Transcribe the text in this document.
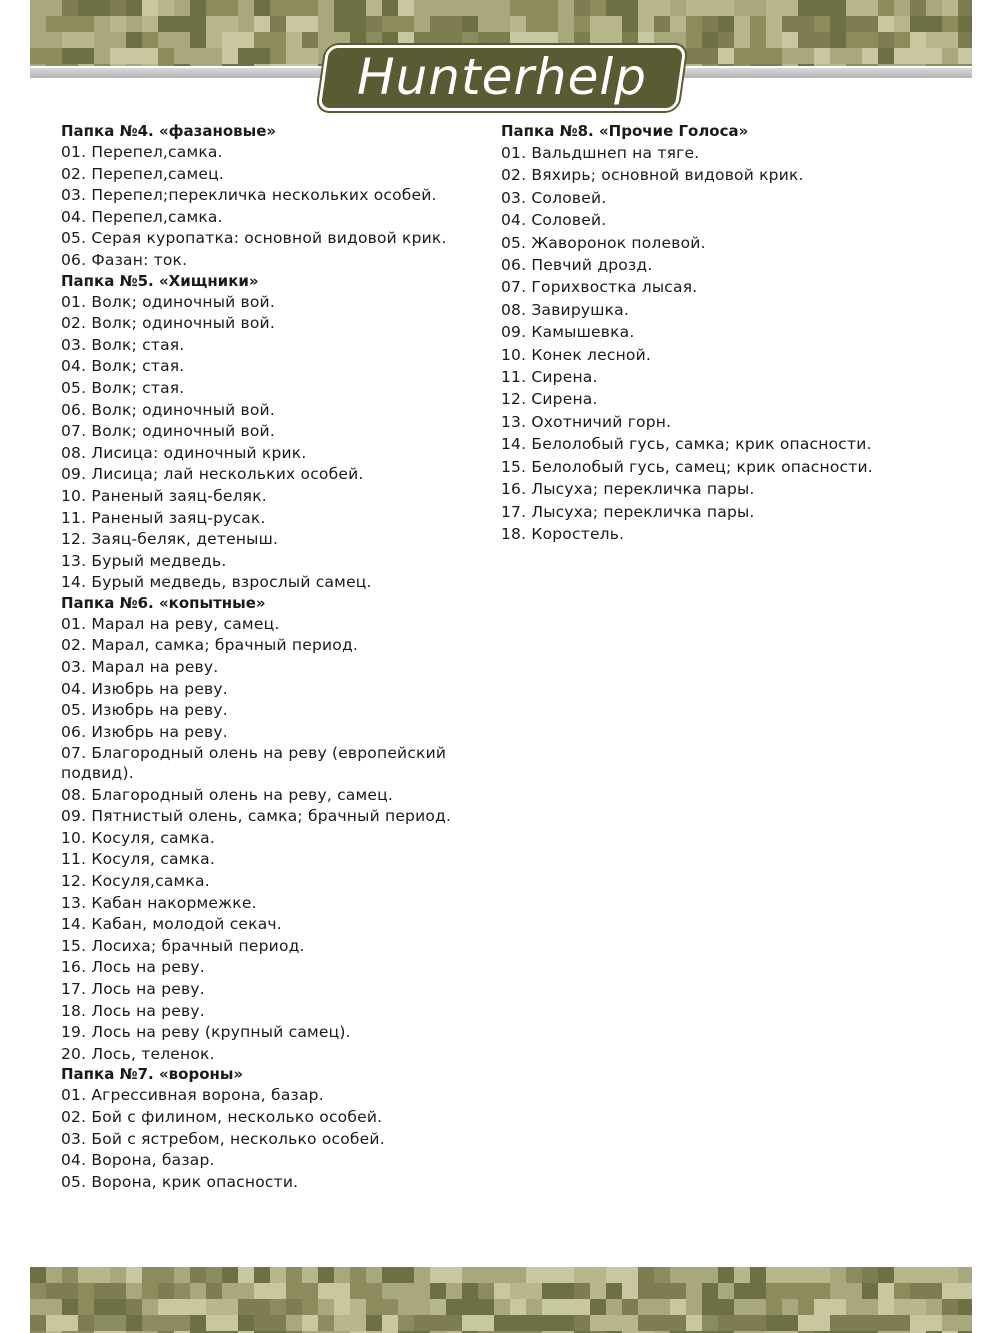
Hunterhelp
Папка №4. «фазановые»
01. Перепел,самка.
02. Перепел,самец.
03. Перепел;перекличка нескольких особей.
04. Перепел,самка.
05. Серая куропатка: основной видовой крик.
06. Фазан: ток.
Папка №5. «Хищники»
01. Волк; одиночный вой.
02. Волк; одиночный вой.
03. Волк; стая.
04. Волк; стая.
05. Волк; стая.
06. Волк; одиночный вой.
07. Волк; одиночный вой.
08. Лисица: одиночный крик.
09. Лисица; лай нескольких особей.
10. Раненый заяц-беляк.
11. Раненый заяц-русак.
12. Заяц-беляк, детеныш.
13. Бурый медведь.
14. Бурый медведь, взрослый самец.
Папка №6. «копытные»
01. Марал на реву, самец.
02. Марал, самка; брачный период.
03. Марал на реву.
04. Изюбрь на реву.
05. Изюбрь на реву.
06. Изюбрь на реву.
07. Благородный олень на реву (европейский подвид).
08. Благородный олень на реву, самец.
09. Пятнистый олень, самка; брачный период.
10. Косуля, самка.
11. Косуля, самка.
12. Косуля,самка.
13. Кабан накормежке.
14. Кабан, молодой секач.
15. Лосиха; брачный период.
16. Лось на реву.
17. Лось на реву.
18. Лось на реву.
19. Лось на реву (крупный самец).
20. Лось, теленок.
Папка №7. «вороны»
01. Агрессивная ворона, базар.
02. Бой с филином, несколько особей.
03. Бой с ястребом, несколько особей.
04. Ворона, базар.
05. Ворона, крик опасности.
Папка №8. «Прочие Голоса»
01. Вальдшнеп на тяге.
02. Вяхирь; основной видовой крик.
03. Соловей.
04. Соловей.
05. Жаворонок полевой.
06. Певчий дрозд.
07. Горихвостка лысая.
08. Завирушка.
09. Камышевка.
10. Конек лесной.
11. Сирена.
12. Сирена.
13. Охотничий горн.
14. Белолобый гусь, самка; крик опасности.
15. Белолобый гусь, самец; крик опасности.
16. Лысуха; перекличка пары.
17. Лысуха; перекличка пары.
18. Коростель.
